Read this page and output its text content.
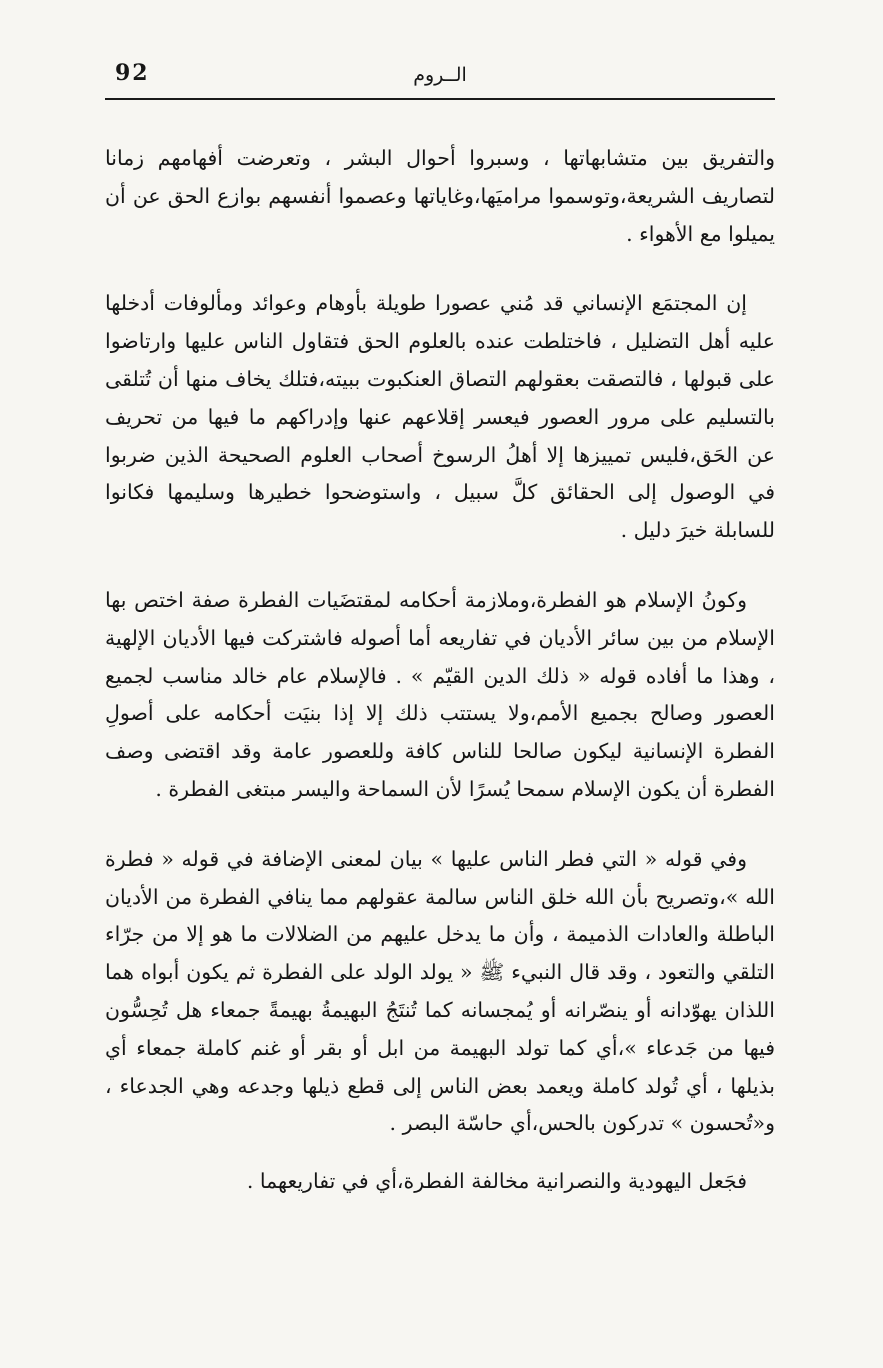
92	الــروم

والتفريق بين متشابهاتها ، وسبروا أحوال البشر ، وتعرضت أفهامهم زمانا لتصاريف الشريعة،وتوسموا مراميَها،وغاياتها وعصموا أنفسهم بوازع الحق عن أن يميلوا مع الأهواء .

إن المجتمَع الإنساني قد مُني عصورا طويلة بأوهام وعوائد ومألوفات أدخلها عليه أهل التضليل ، فاختلطت عنده بالعلوم الحق فتقاول الناس عليها وارتاضوا على قبولها ، فالتصقت بعقولهم التصاق العنكبوت ببيته،فتلك يخاف منها أن تُتلقى بالتسليم على مرور العصور فيعسر إقلاعهم عنها وإدراكهم ما فيها من تحريف عن الحَق،فليس تمييزها إلا أهلُ الرسوخ أصحاب العلوم الصحيحة الذين ضربوا في الوصول إلى الحقائق كلَّ سبيل ، واستوضحوا خطيرها وسليمها فكانوا للسابلة خيرَ دليل .

وكونُ الإسلام هو الفطرة،وملازمة أحكامه لمقتضَيات الفطرة صفة اختص بها الإسلام من بين سائر الأديان في تفاريعه أما أصوله فاشتركت فيها الأديان الإلهية ، وهذا ما أفاده قوله « ذلك الدين القيّم » . فالإسلام عام خالد مناسب لجميع العصور وصالح بجميع الأمم،ولا يستتب ذلك إلا إذا بنيَت أحكامه على أصولِ الفطرة الإنسانية ليكون صالحا للناس كافة وللعصور عامة وقد اقتضى وصف الفطرة أن يكون الإسلام سمحا يُسرًا لأن السماحة واليسر مبتغى الفطرة .

وفي قوله « التي فطر الناس عليها » بيان لمعنى الإضافة في قوله « فطرة الله »،وتصريح بأن الله خلق الناس سالمة عقولهم مما ينافي الفطرة من الأديان الباطلة والعادات الذميمة ، وأن ما يدخل عليهم من الضلالات ما هو إلا من جرّاء التلقي والتعود ، وقد قال النبيء ﷺ « يولد الولد على الفطرة ثم يكون أبواه هما اللذان يهوّدانه أو ينصّرانه أو يُمجسانه كما تُنتَجُ البهيمةُ بهيمةً جمعاء هل تُحِسُّون فيها من جَدعاء »،أي كما تولد البهيمة من ابل أو بقر أو غنم كاملة جمعاء أي بذيلها ، أي تُولد كاملة ويعمد بعض الناس إلى قطع ذيلها وجدعه وهي الجدعاء ، و«تُحسون » تدركون بالحس،أي حاسّة البصر .

فجَعل اليهودية والنصرانية مخالفة الفطرة،أي في تفاريعهما .
